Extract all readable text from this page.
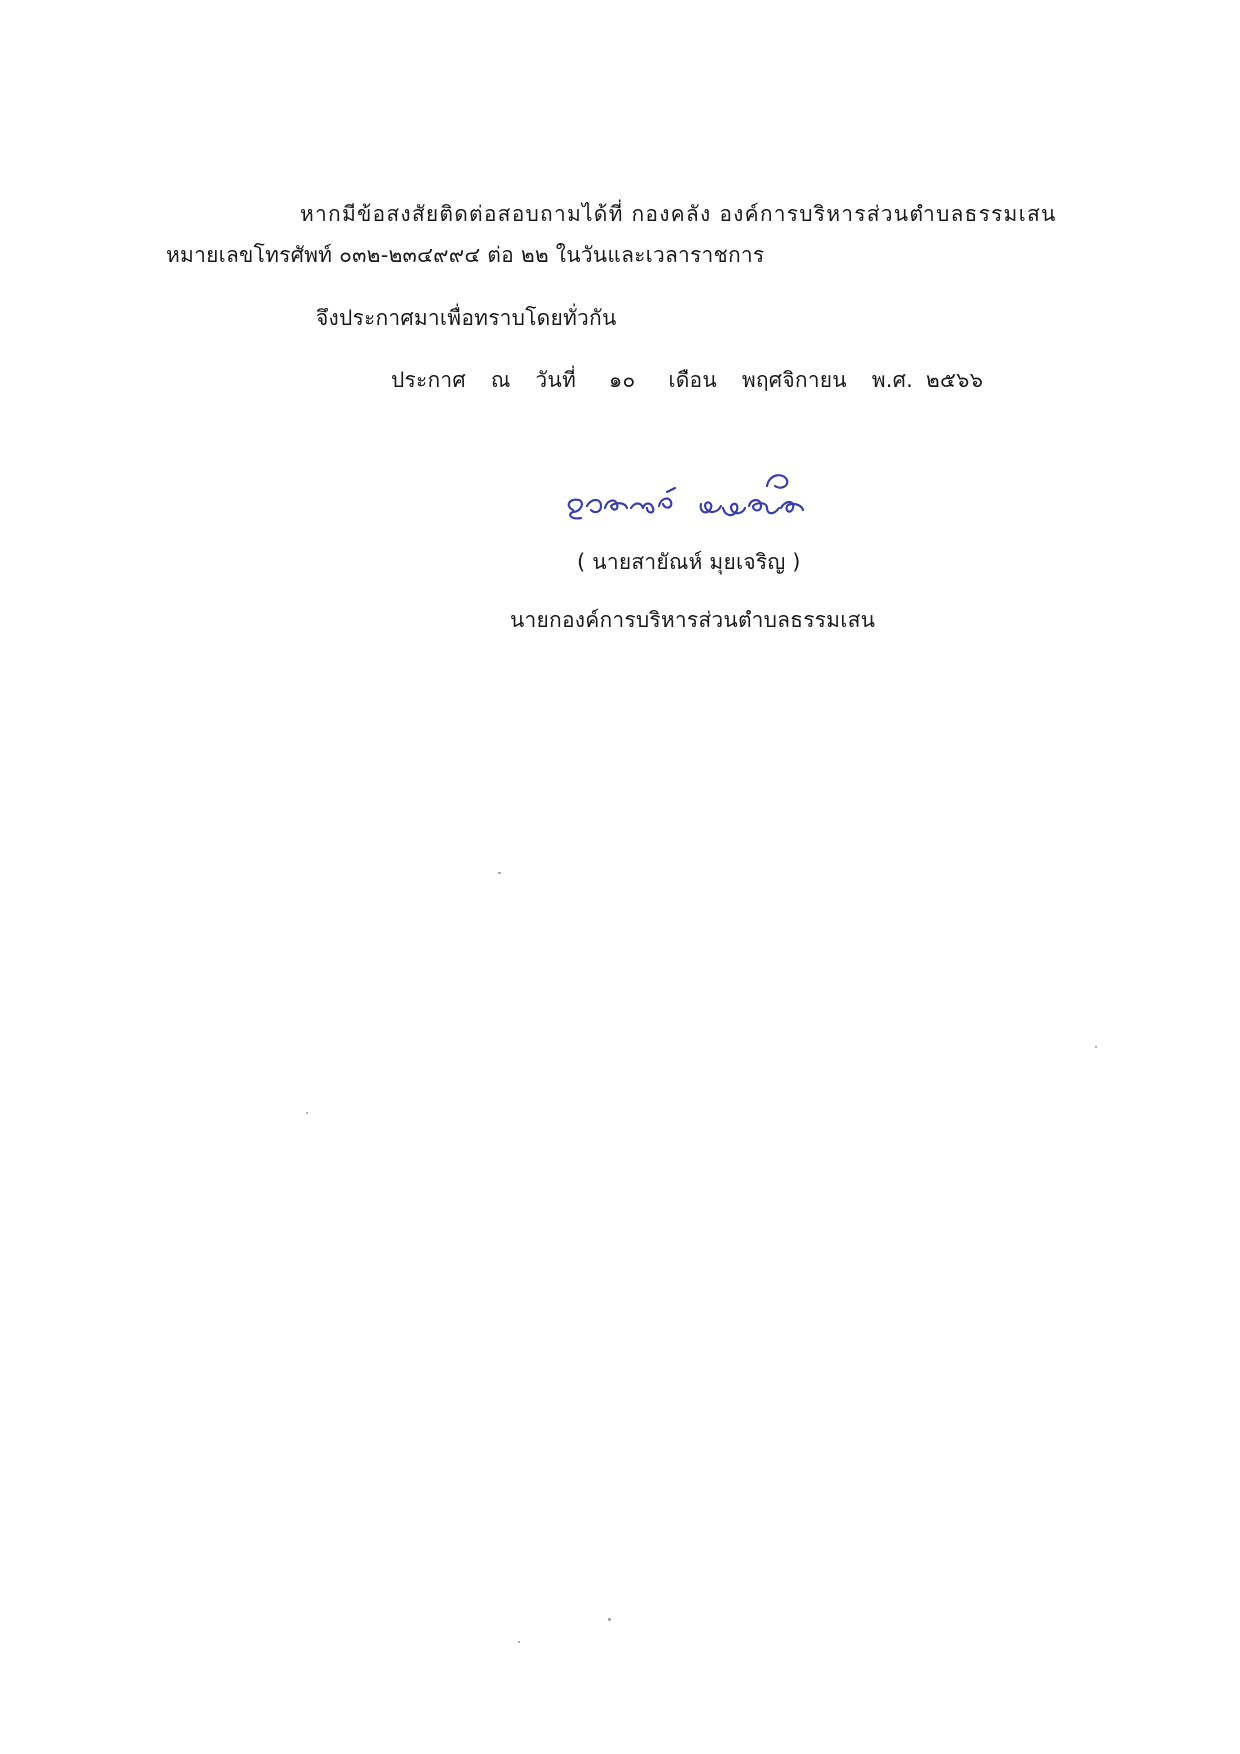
หากมีข้อสงสัยติดต่อสอบถามได้ที่ กองคลัง องค์การบริหารส่วนตำบลธรรมเสน
หมายเลขโทรศัพท์ ๐๓๒-๒๓๔๙๙๔ ต่อ ๒๒ ในวันและเวลาราชการ
จึงประกาศมาเพื่อทราบโดยทั่วกัน
ประกาศ ณ วันที่ ๑๐ เดือน พฤศจิกายน พ.ศ. ๒๕๖๖
( นายสายัณห์ มุยเจริญ )
นายกองค์การบริหารส่วนตำบลธรรมเสน
